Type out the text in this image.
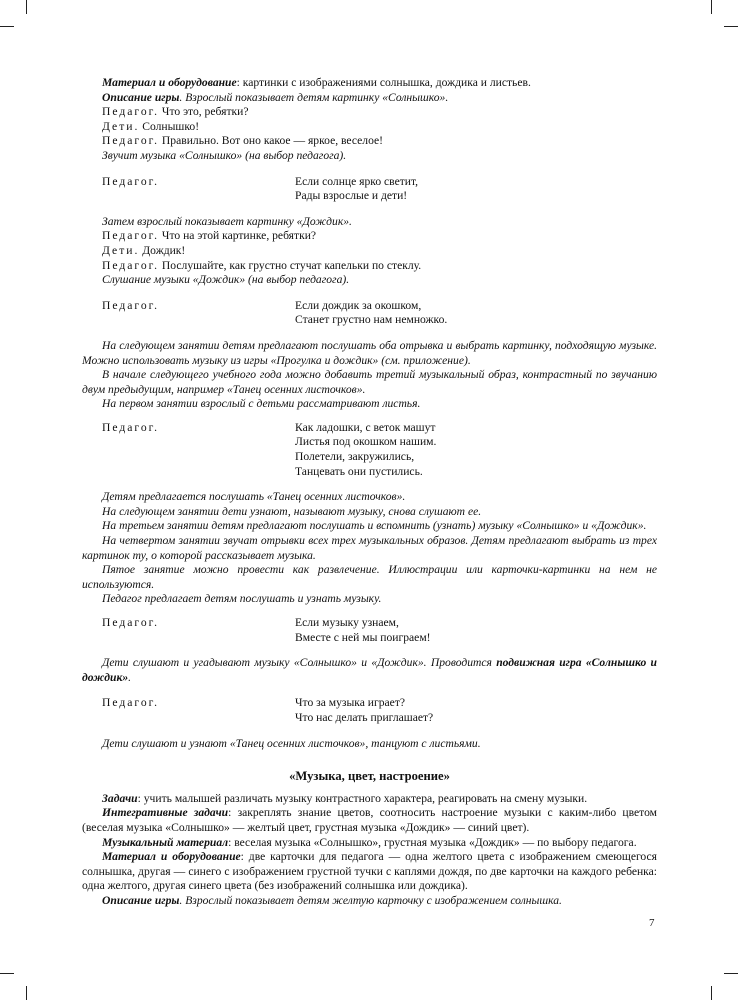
Материал и оборудование: картинки с изображениями солнышка, дождика и листьев.

Описание игры. Взрослый показывает детям картинку «Солнышко».

Педагог. Что это, ребятки?

Дети. Солнышко!

Педагог. Правильно. Вот оно какое — яркое, веселое!

Звучит музыка «Солнышко» (на выбор педагога).

Педагог.	Если солнце ярко светит,
Рады взрослые и дети!

Затем взрослый показывает картинку «Дождик».

Педагог. Что на этой картинке, ребятки?

Дети. Дождик!

Педагог. Послушайте, как грустно стучат капельки по стеклу.

Слушание музыки «Дождик» (на выбор педагога).

Педагог.	Если дождик за окошком,
Станет грустно нам немножко.

На следующем занятии детям предлагают послушать оба отрывка и выбрать картинку, подходящую музыке. Можно использовать музыку из игры «Прогулка и дождик» (см. приложение).

В начале следующего учебного года можно добавить третий музыкальный образ, контрастный по звучанию двум предыдущим, например «Танец осенних листочков».

На первом занятии взрослый с детьми рассматривают листья.

Педагог.	Как ладошки, с веток машут
Листья под окошком нашим.
Полетели, закружились,
Танцевать они пустились.

Детям предлагается послушать «Танец осенних листочков».

На следующем занятии дети узнают, называют музыку, снова слушают ее.

На третьем занятии детям предлагают послушать и вспомнить (узнать) музыку «Солнышко» и «Дождик».

На четвертом занятии звучат отрывки всех трех музыкальных образов. Детям предлагают выбрать из трех картинок ту, о которой рассказывает музыка.

Пятое занятие можно провести как развлечение. Иллюстрации или карточки-картинки на нем не используются.

Педагог предлагает детям послушать и узнать музыку.

Педагог.	Если музыку узнаем,
Вместе с ней мы поиграем!

Дети слушают и угадывают музыку «Солнышко» и «Дождик». Проводится подвижная игра «Солнышко и дождик».

Педагог.	Что за музыка играет?
Что нас делать приглашает?

Дети слушают и узнают «Танец осенних листочков», танцуют с листьями.

«Музыка, цвет, настроение»

Задачи: учить малышей различать музыку контрастного характера, реагировать на смену музыки.

Интегративные задачи: закреплять знание цветов, соотносить настроение музыки с каким-либо цветом (веселая музыка «Солнышко» — желтый цвет, грустная музыка «Дождик» — синий цвет).

Музыкальный материал: веселая музыка «Солнышко», грустная музыка «Дождик» — по выбору педагога.

Материал и оборудование: две карточки для педагога — одна желтого цвета с изображением смеющегося солнышка, другая — синего с изображением грустной тучки с каплями дождя, по две карточки на каждого ребенка: одна желтого, другая синего цвета (без изображений солнышка или дождика).

Описание игры. Взрослый показывает детям желтую карточку с изображением солнышка.

7
